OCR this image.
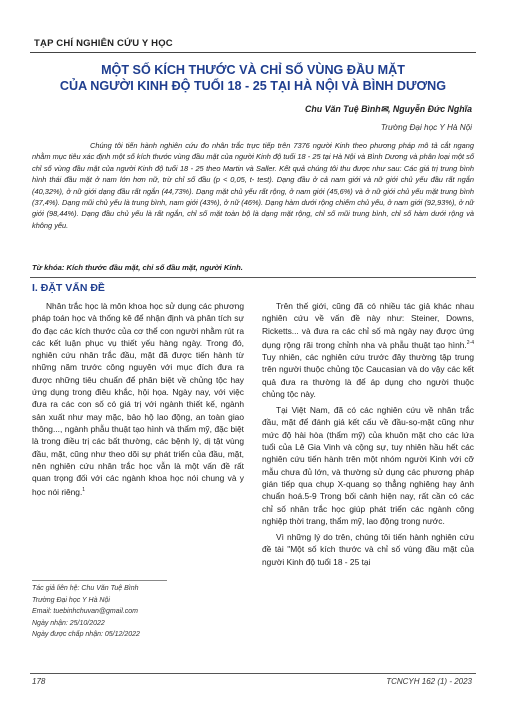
TẠP CHÍ NGHIÊN CỨU Y HỌC
MỘT SỐ KÍCH THƯỚC VÀ CHỈ SỐ VÙNG ĐẦU MẶT
CỦA NGƯỜI KINH ĐỘ TUỔI 18 - 25 TẠI HÀ NỘI VÀ BÌNH DƯƠNG
Chu Văn Tuệ Bình✉, Nguyễn Đức Nghĩa
Trường Đại học Y Hà Nội

Chúng tôi tiến hành nghiên cứu đo nhân trắc trực tiếp trên 7376 người Kinh theo phương pháp mô tả cắt ngang nhằm mục tiêu xác định một số kích thước vùng đầu mặt của người Kinh độ tuổi 18 - 25 tại Hà Nội và Bình Dương và phân loại một số chỉ số vùng đầu mặt của người Kinh độ tuổi 18 - 25 theo Martin và Saller. Kết quả chúng tôi thu được như sau: Các giá trị trung bình hình thái đầu mặt ở nam lớn hơn nữ, trừ chỉ số đầu (p < 0,05, t- test). Dạng đầu ở cả nam giới và nữ giới chủ yếu đầu rất ngắn (40,32%), ở nữ giới dạng đầu rất ngắn (44,73%). Dạng mặt chủ yếu rất rộng, ở nam giới (45,6%) và ở nữ giới chủ yếu mặt trung bình (37,4%). Dạng mũi chủ yếu là trung bình, nam giới (43%), ở nữ (46%). Dạng hàm dưới rộng chiếm chủ yếu, ở nam giới (92,93%), ở nữ giới (98,44%). Dạng đầu chủ yếu là rất ngắn, chỉ số mặt toàn bộ là dạng mặt rộng, chỉ số mũi trung bình, chỉ số hàm dưới rộng và không yếu.

Từ khóa: Kích thước đầu mặt, chỉ số đầu mặt, người Kinh.
I. ĐẶT VẤN ĐỀ

Nhân trắc học là môn khoa học sử dụng các phương pháp toán học và thống kê để nhận định và phân tích sự đo đạc các kích thước của cơ thể con người nhằm rút ra các kết luận phục vụ thiết yếu hàng ngày. Trong đó, nghiên cứu nhân trắc đầu, mặt đã được tiến hành từ những năm trước công nguyên với mục đích đưa ra được những tiêu chuẩn để phân biệt về chủng tộc hay ứng dụng trong điêu khắc, hội họa. Ngày nay, với việc đưa ra các con số có giá trị với ngành thiết kế, ngành sản xuất như may mặc, bảo hộ lao động, an toàn giao thông..., ngành phẫu thuật tạo hình và thẩm mỹ, đặc biệt là trong điều trị các bất thường, các bệnh lý, dị tật vùng đầu, mặt, cũng như theo dõi sự phát triển của đầu, mặt, nên nghiên cứu nhân trắc học vẫn là một vấn đề rất quan trọng đối với các ngành khoa học nói chung và y học nói riêng.$^1$

Tác giả liên hệ: Chu Văn Tuệ Bình
Trường Đại học Y Hà Nội
Email: tuebinhchuvan@gmail.com
Ngày nhận: 25/10/2022
Ngày được chấp nhận: 05/12/2022

Trên thế giới, cũng đã có nhiều tác giả khác nhau nghiên cứu về vấn đề này như: Steiner, Downs, Ricketts... và đưa ra các chỉ số mà ngày nay được ứng dụng rộng rãi trong chỉnh nha và phẫu thuật tạo hình.$^{2-4}$ Tuy nhiên, các nghiên cứu trước đây thường tập trung trên người thuộc chủng tộc Caucasian và do vậy các kết quả đưa ra thường là để áp dụng cho người thuộc chủng tộc này.

Tại Việt Nam, đã có các nghiên cứu về nhân trắc đầu, mặt để đánh giá kết cấu về đầu-sọ-mặt cũng như mức độ hài hòa (thẩm mỹ) của khuôn mặt cho các lứa tuổi của Lê Gia Vinh và cộng sự, tuy nhiên hầu hết các nghiên cứu tiến hành trên một nhóm người Kinh với cỡ mẫu chưa đủ lớn, và thường sử dụng các phương pháp gián tiếp qua chụp X-quang sọ thẳng nghiêng hay ảnh chuẩn hoá.5-9 Trong bối cảnh hiện nay, rất cần có các chỉ số nhân trắc học giúp phát triển các ngành công nghiệp thời trang, thẩm mỹ, lao động trong nước.

Vì những lý do trên, chúng tôi tiến hành nghiên cứu đề tài "Một số kích thước và chỉ số vùng đầu mặt của người Kinh độ tuổi 18 - 25 tại

178	TCNCYH 162 (1) - 2023
